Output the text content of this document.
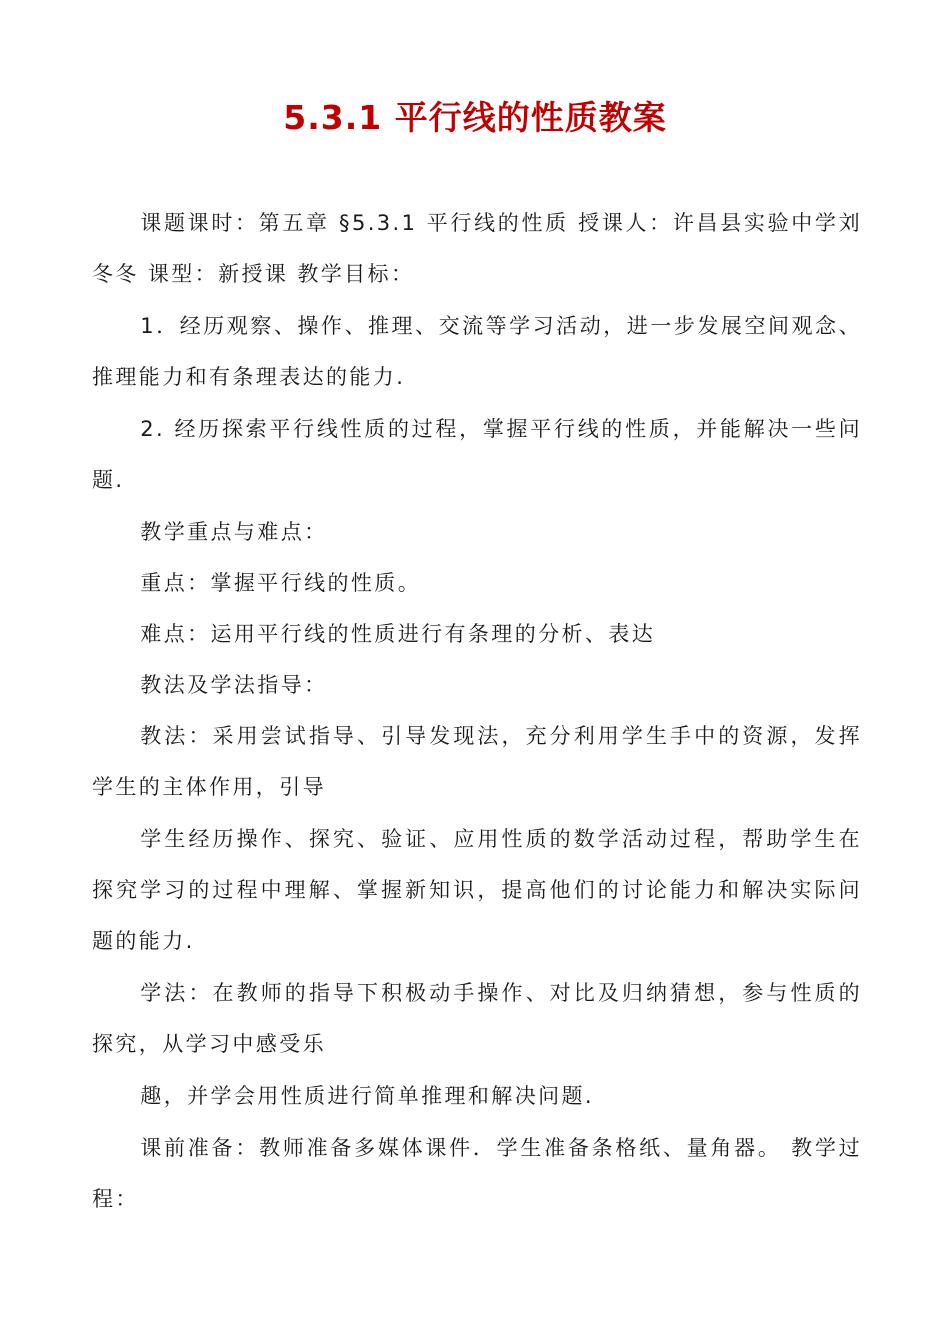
5.3.1 平行线的性质教案

课题课时：第五章 §5.3.1 平行线的性质 授课人：许昌县实验中学刘冬冬 课型：新授课 教学目标：

1．经历观察、操作、推理、交流等学习活动，进一步发展空间观念、推理能力和有条理表达的能力.

2. 经历探索平行线性质的过程，掌握平行线的性质，并能解决一些问题.

教学重点与难点：

重点：掌握平行线的性质。

难点：运用平行线的性质进行有条理的分析、表达

教法及学法指导：

教法：采用尝试指导、引导发现法，充分利用学生手中的资源，发挥学生的主体作用，引导

学生经历操作、探究、验证、应用性质的数学活动过程，帮助学生在探究学习的过程中理解、掌握新知识，提高他们的讨论能力和解决实际问题的能力.

学法：在教师的指导下积极动手操作、对比及归纳猜想，参与性质的探究，从学习中感受乐

趣，并学会用性质进行简单推理和解决问题.

课前准备：教师准备多媒体课件．学生准备条格纸、量角器。 教学过程：
